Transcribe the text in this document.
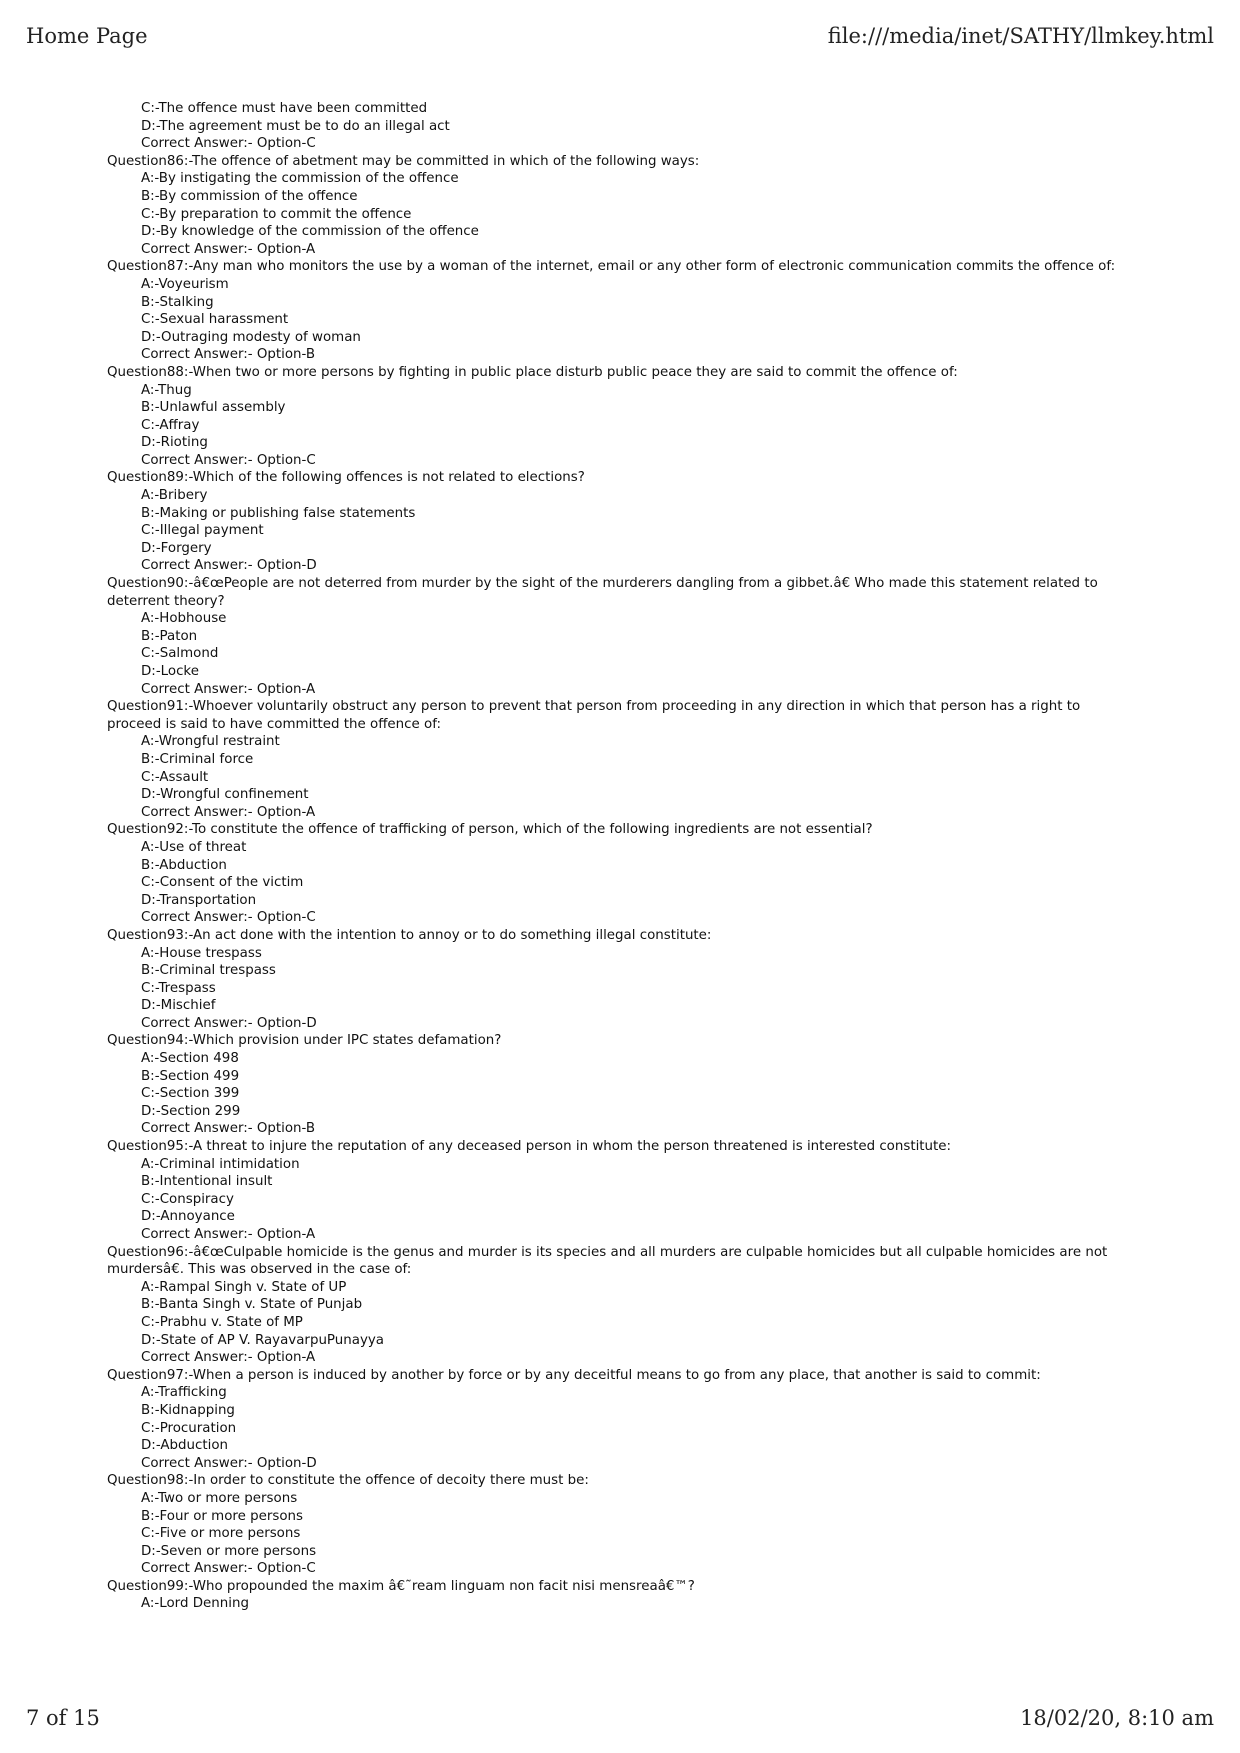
Home Page	file:///media/inet/SATHY/llmkey.html
C:-The offence must have been committed
D:-The agreement must be to do an illegal act
Correct Answer:- Option-C
Question86:-The offence of abetment may be committed in which of the following ways:
A:-By instigating the commission of the offence
B:-By commission of the offence
C:-By preparation to commit the offence
D:-By knowledge of the commission of the offence
Correct Answer:- Option-A
Question87:-Any man who monitors the use by a woman of the internet, email or any other form of electronic communication commits the offence of:
A:-Voyeurism
B:-Stalking
C:-Sexual harassment
D:-Outraging modesty of woman
Correct Answer:- Option-B
Question88:-When two or more persons by fighting in public place disturb public peace they are said to commit the offence of:
A:-Thug
B:-Unlawful assembly
C:-Affray
D:-Rioting
Correct Answer:- Option-C
Question89:-Which of the following offences is not related to elections?
A:-Bribery
B:-Making or publishing false statements
C:-Illegal payment
D:-Forgery
Correct Answer:- Option-D
Question90:-â€œPeople are not deterred from murder by the sight of the murderers dangling from a gibbet.â€ Who made this statement related to deterrent theory?
A:-Hobhouse
B:-Paton
C:-Salmond
D:-Locke
Correct Answer:- Option-A
Question91:-Whoever voluntarily obstruct any person to prevent that person from proceeding in any direction in which that person has a right to proceed is said to have committed the offence of:
A:-Wrongful restraint
B:-Criminal force
C:-Assault
D:-Wrongful confinement
Correct Answer:- Option-A
Question92:-To constitute the offence of trafficking of person, which of the following ingredients are not essential?
A:-Use of threat
B:-Abduction
C:-Consent of the victim
D:-Transportation
Correct Answer:- Option-C
Question93:-An act done with the intention to annoy or to do something illegal constitute:
A:-House trespass
B:-Criminal trespass
C:-Trespass
D:-Mischief
Correct Answer:- Option-D
Question94:-Which provision under IPC states defamation?
A:-Section 498
B:-Section 499
C:-Section 399
D:-Section 299
Correct Answer:- Option-B
Question95:-A threat to injure the reputation of any deceased person in whom the person threatened is interested constitute:
A:-Criminal intimidation
B:-Intentional insult
C:-Conspiracy
D:-Annoyance
Correct Answer:- Option-A
Question96:-â€œCulpable homicide is the genus and murder is its species and all murders are culpable homicides but all culpable homicides are not murdersâ€. This was observed in the case of:
A:-Rampal Singh v. State of UP
B:-Banta Singh v. State of Punjab
C:-Prabhu v. State of MP
D:-State of AP V. RayavarpuPunayya
Correct Answer:- Option-A
Question97:-When a person is induced by another by force or by any deceitful means to go from any place, that another is said to commit:
A:-Trafficking
B:-Kidnapping
C:-Procuration
D:-Abduction
Correct Answer:- Option-D
Question98:-In order to constitute the offence of decoity there must be:
A:-Two or more persons
B:-Four or more persons
C:-Five or more persons
D:-Seven or more persons
Correct Answer:- Option-C
Question99:-Who propounded the maxim â€˜ream linguam non facit nisi mensreaâ€™?
A:-Lord Denning
7 of 15	18/02/20, 8:10 am
